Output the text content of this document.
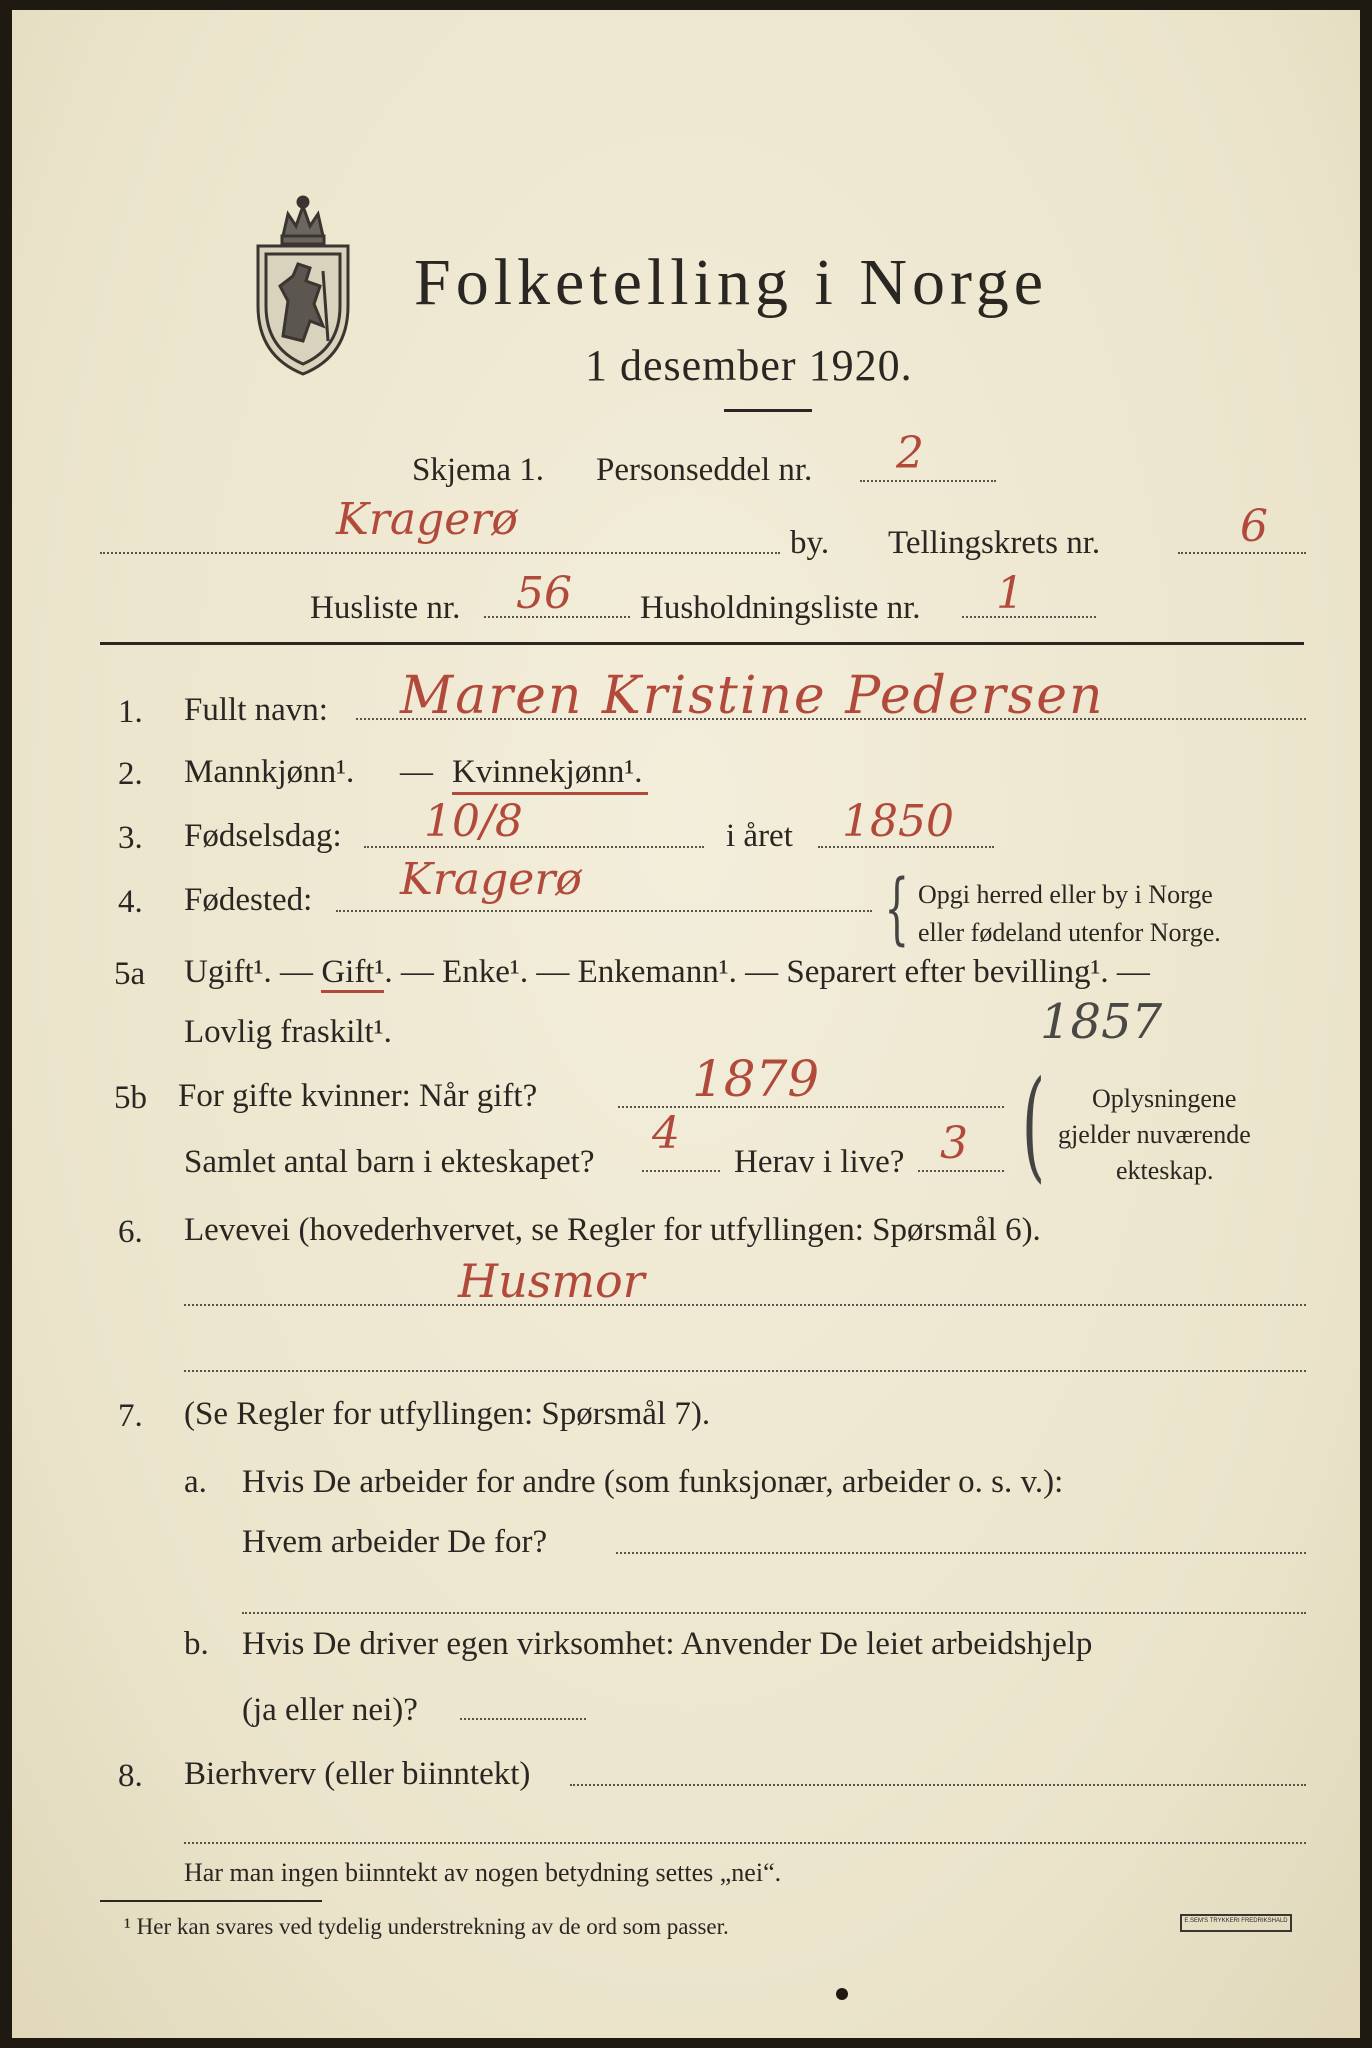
Folketelling i Norge
1 desember 1920.
Skjema 1. Personseddel nr. 2
Kragerø	by. Tellingskrets nr.	6
Husliste nr. 56 Husholdningsliste nr. 1
1. Fullt navn: Maren Kristine Pedersen
2. Mannkjønn¹. — Kvinnekjønn¹.
3. Fødselsdag: 10/8	i året 1850
4. Fødested: Kragerø	{ Opgi herred eller by i Norge
eller fødeland utenfor Norge.
5a Ugift¹. — Gift¹. — Enke¹. — Enkemann¹. — Separert efter bevilling¹. —
Lovlig fraskilt¹.	1857
5b For gifte kvinner: Når gift?	1879
Samlet antal barn i ekteskapet?
4
Herav i live? 3 ( Oplysningene
gjelder nuværende
ekteskap.
6. Levevei (hovederhvervet, se Regler for utfyllingen: Spørsmål 6).
Husmor
7. (Se Regler for utfyllingen: Spørsmål 7).
a. Hvis De arbeider for andre (som funksjonær, arbeider o. s. v.):
Hvem arbeider De for?
b. Hvis De driver egen virksomhet: Anvender De leiet arbeidshjelp
(ja eller nei)?
8. Bierhverv (eller biinntekt)
Har man ingen biinntekt av nogen betydning settes „nei“.
¹ Her kan svares ved tydelig understrekning av de ord som passer.	E.SEM'S TRYKKERI FREDRIKSHALD
